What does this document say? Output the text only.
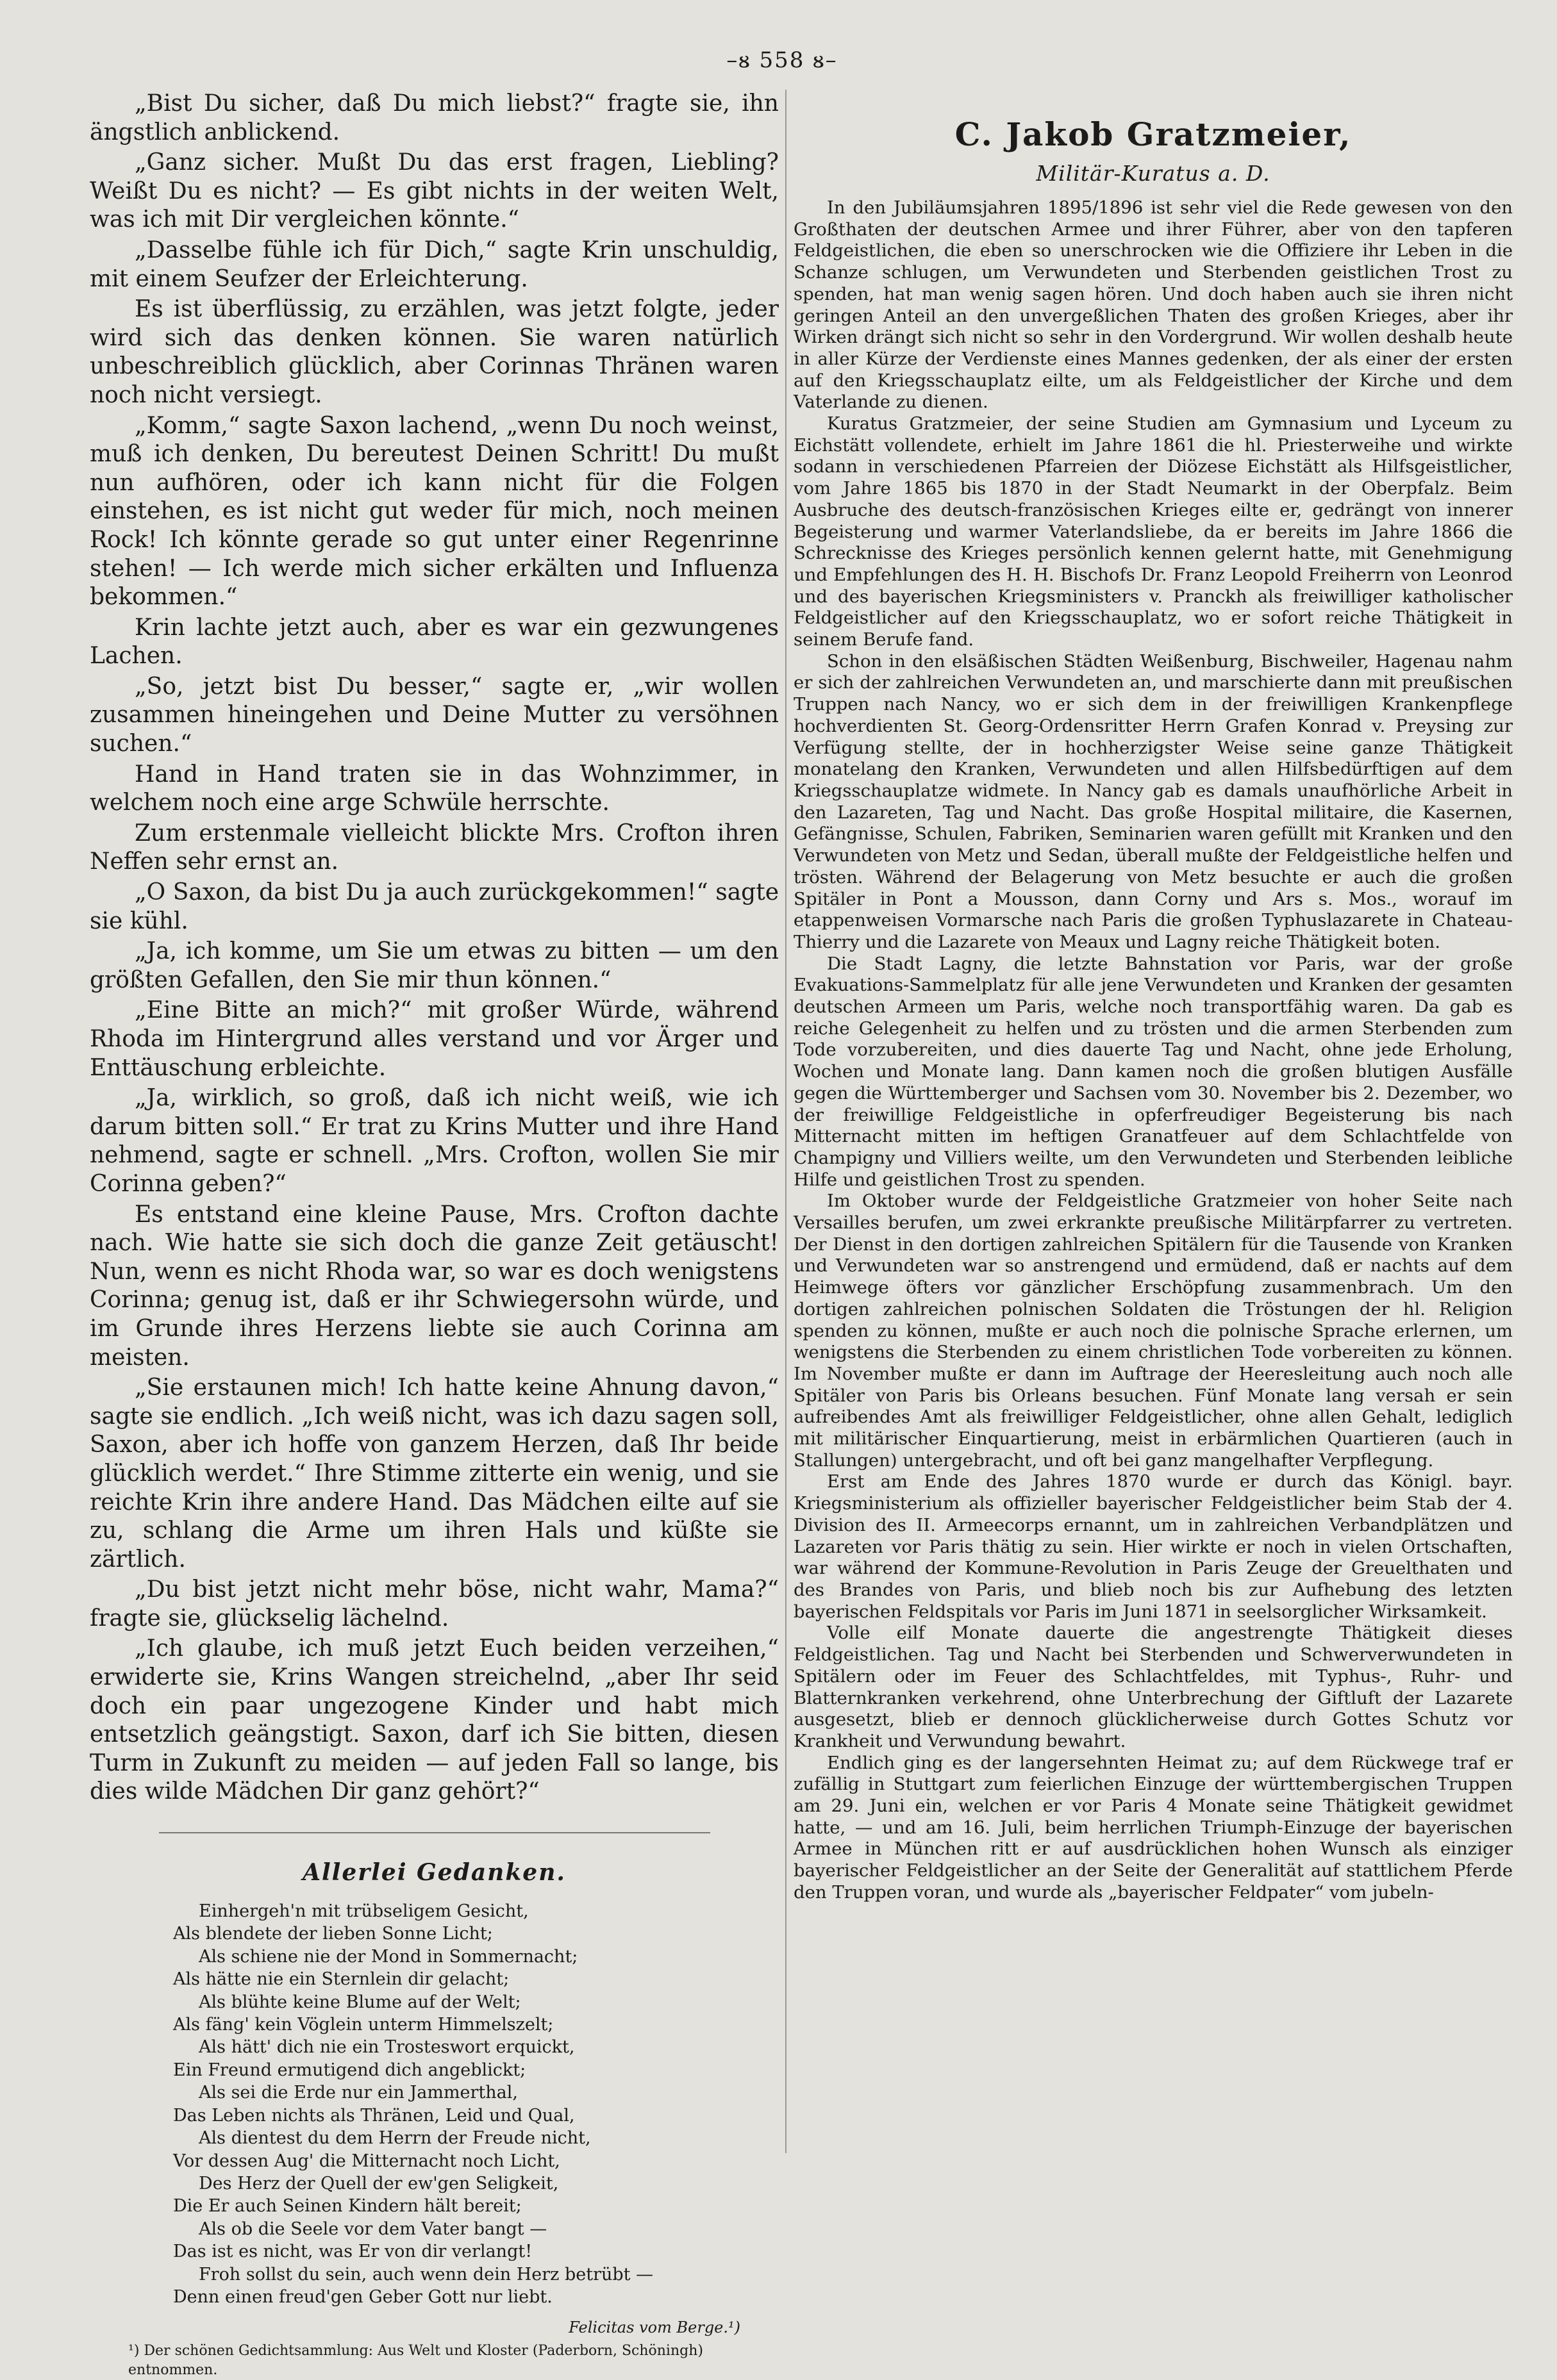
–ᴕ 558 ᴕ–

„Bist Du sicher, daß Du mich liebst?“ fragte sie, ihn ängstlich anblickend.

„Ganz sicher. Mußt Du das erst fragen, Liebling? Weißt Du es nicht? — Es gibt nichts in der weiten Welt, was ich mit Dir vergleichen könnte.“

„Dasselbe fühle ich für Dich,“ sagte Krin unschuldig, mit einem Seufzer der Erleichterung.

Es ist überflüssig, zu erzählen, was jetzt folgte, jeder wird sich das denken können. Sie waren natürlich unbeschreiblich glücklich, aber Corinnas Thränen waren noch nicht versiegt.

„Komm,“ sagte Saxon lachend, „wenn Du noch weinst, muß ich denken, Du bereutest Deinen Schritt! Du mußt nun aufhören, oder ich kann nicht für die Folgen einstehen, es ist nicht gut weder für mich, noch meinen Rock! Ich könnte gerade so gut unter einer Regenrinne stehen! — Ich werde mich sicher erkälten und Influenza bekommen.“

Krin lachte jetzt auch, aber es war ein gezwungenes Lachen.

„So, jetzt bist Du besser,“ sagte er, „wir wollen zusammen hineingehen und Deine Mutter zu versöhnen suchen.“

Hand in Hand traten sie in das Wohnzimmer, in welchem noch eine arge Schwüle herrschte.

Zum erstenmale vielleicht blickte Mrs. Crofton ihren Neffen sehr ernst an.

„O Saxon, da bist Du ja auch zurückgekommen!“ sagte sie kühl.

„Ja, ich komme, um Sie um etwas zu bitten — um den größten Gefallen, den Sie mir thun können.“

„Eine Bitte an mich?“ mit großer Würde, während Rhoda im Hintergrund alles verstand und vor Ärger und Enttäuschung erbleichte.

„Ja, wirklich, so groß, daß ich nicht weiß, wie ich darum bitten soll.“ Er trat zu Krins Mutter und ihre Hand nehmend, sagte er schnell. „Mrs. Crofton, wollen Sie mir Corinna geben?“

Es entstand eine kleine Pause, Mrs. Crofton dachte nach. Wie hatte sie sich doch die ganze Zeit getäuscht! Nun, wenn es nicht Rhoda war, so war es doch wenigstens Corinna; genug ist, daß er ihr Schwiegersohn würde, und im Grunde ihres Herzens liebte sie auch Corinna am meisten.

„Sie erstaunen mich! Ich hatte keine Ahnung davon,“ sagte sie endlich. „Ich weiß nicht, was ich dazu sagen soll, Saxon, aber ich hoffe von ganzem Herzen, daß Ihr beide glücklich werdet.“ Ihre Stimme zitterte ein wenig, und sie reichte Krin ihre andere Hand. Das Mädchen eilte auf sie zu, schlang die Arme um ihren Hals und küßte sie zärtlich.

„Du bist jetzt nicht mehr böse, nicht wahr, Mama?“ fragte sie, glückselig lächelnd.

„Ich glaube, ich muß jetzt Euch beiden verzeihen,“ erwiderte sie, Krins Wangen streichelnd, „aber Ihr seid doch ein paar ungezogene Kinder und habt mich entsetzlich geängstigt. Saxon, darf ich Sie bitten, diesen Turm in Zukunft zu meiden — auf jeden Fall so lange, bis dies wilde Mädchen Dir ganz gehört?“

Allerlei Gedanken.
Einhergeh'n mit trübseligem Gesicht,
Als blendete der lieben Sonne Licht;
Als schiene nie der Mond in Sommernacht;
Als hätte nie ein Sternlein dir gelacht;
Als blühte keine Blume auf der Welt;
Als fäng' kein Vöglein unterm Himmelszelt;
Als hätt' dich nie ein Trosteswort erquickt,
Ein Freund ermutigend dich angeblickt;
Als sei die Erde nur ein Jammerthal,
Das Leben nichts als Thränen, Leid und Qual,
Als dientest du dem Herrn der Freude nicht,
Vor dessen Aug' die Mitternacht noch Licht,
Des Herz der Quell der ew'gen Seligkeit,
Die Er auch Seinen Kindern hält bereit;
Als ob die Seele vor dem Vater bangt —
Das ist es nicht, was Er von dir verlangt!
Froh sollst du sein, auch wenn dein Herz betrübt —
Denn einen freud'gen Geber Gott nur liebt.
Felicitas vom Berge.¹)
¹) Der schönen Gedichtsammlung: Aus Welt und Kloster (Paderborn, Schöningh) entnommen.
C. Jakob Gratzmeier,
Militär-Kuratus a. D.

In den Jubiläumsjahren 1895/1896 ist sehr viel die Rede gewesen von den Großthaten der deutschen Armee und ihrer Führer, aber von den tapferen Feldgeistlichen, die eben so unerschrocken wie die Offiziere ihr Leben in die Schanze schlugen, um Verwundeten und Sterbenden geistlichen Trost zu spenden, hat man wenig sagen hören. Und doch haben auch sie ihren nicht geringen Anteil an den unvergeßlichen Thaten des großen Krieges, aber ihr Wirken drängt sich nicht so sehr in den Vordergrund. Wir wollen deshalb heute in aller Kürze der Verdienste eines Mannes gedenken, der als einer der ersten auf den Kriegsschauplatz eilte, um als Feldgeistlicher der Kirche und dem Vaterlande zu dienen.

Kuratus Gratzmeier, der seine Studien am Gymnasium und Lyceum zu Eichstätt vollendete, erhielt im Jahre 1861 die hl. Priesterweihe und wirkte sodann in verschiedenen Pfarreien der Diözese Eichstätt als Hilfsgeistlicher, vom Jahre 1865 bis 1870 in der Stadt Neumarkt in der Oberpfalz. Beim Ausbruche des deutsch-französischen Krieges eilte er, gedrängt von innerer Begeisterung und warmer Vaterlandsliebe, da er bereits im Jahre 1866 die Schrecknisse des Krieges persönlich kennen gelernt hatte, mit Genehmigung und Empfehlungen des H. H. Bischofs Dr. Franz Leopold Freiherrn von Leonrod und des bayerischen Kriegsministers v. Pranckh als freiwilliger katholischer Feldgeistlicher auf den Kriegsschauplatz, wo er sofort reiche Thätigkeit in seinem Berufe fand.

Schon in den elsäßischen Städten Weißenburg, Bischweiler, Hagenau nahm er sich der zahlreichen Verwundeten an, und marschierte dann mit preußischen Truppen nach Nancy, wo er sich dem in der freiwilligen Krankenpflege hochverdienten St. Georg-Ordensritter Herrn Grafen Konrad v. Preysing zur Verfügung stellte, der in hochherzigster Weise seine ganze Thätigkeit monatelang den Kranken, Verwundeten und allen Hilfsbedürftigen auf dem Kriegsschauplatze widmete. In Nancy gab es damals unaufhörliche Arbeit in den Lazareten, Tag und Nacht. Das große Hospital militaire, die Kasernen, Gefängnisse, Schulen, Fabriken, Seminarien waren gefüllt mit Kranken und den Verwundeten von Metz und Sedan, überall mußte der Feldgeistliche helfen und trösten. Während der Belagerung von Metz besuchte er auch die großen Spitäler in Pont a Mousson, dann Corny und Ars s. Mos., worauf im etappenweisen Vormarsche nach Paris die großen Typhuslazarete in Chateau-Thierry und die Lazarete von Meaux und Lagny reiche Thätigkeit boten.

Die Stadt Lagny, die letzte Bahnstation vor Paris, war der große Evakuations-Sammelplatz für alle jene Verwundeten und Kranken der gesamten deutschen Armeen um Paris, welche noch transportfähig waren. Da gab es reiche Gelegenheit zu helfen und zu trösten und die armen Sterbenden zum Tode vorzubereiten, und dies dauerte Tag und Nacht, ohne jede Erholung, Wochen und Monate lang. Dann kamen noch die großen blutigen Ausfälle gegen die Württemberger und Sachsen vom 30. November bis 2. Dezember, wo der freiwillige Feldgeistliche in opferfreudiger Begeisterung bis nach Mitternacht mitten im heftigen Granatfeuer auf dem Schlachtfelde von Champigny und Villiers weilte, um den Verwundeten und Sterbenden leibliche Hilfe und geistlichen Trost zu spenden.

Im Oktober wurde der Feldgeistliche Gratzmeier von hoher Seite nach Versailles berufen, um zwei erkrankte preußische Militärpfarrer zu vertreten. Der Dienst in den dortigen zahlreichen Spitälern für die Tausende von Kranken und Verwundeten war so anstrengend und ermüdend, daß er nachts auf dem Heimwege öfters vor gänzlicher Erschöpfung zusammenbrach. Um den dortigen zahlreichen polnischen Soldaten die Tröstungen der hl. Religion spenden zu können, mußte er auch noch die polnische Sprache erlernen, um wenigstens die Sterbenden zu einem christlichen Tode vorbereiten zu können. Im November mußte er dann im Auftrage der Heeresleitung auch noch alle Spitäler von Paris bis Orleans besuchen. Fünf Monate lang versah er sein aufreibendes Amt als freiwilliger Feldgeistlicher, ohne allen Gehalt, lediglich mit militärischer Einquartierung, meist in erbärmlichen Quartieren (auch in Stallungen) untergebracht, und oft bei ganz mangelhafter Verpflegung.

Erst am Ende des Jahres 1870 wurde er durch das Königl. bayr. Kriegsministerium als offizieller bayerischer Feldgeistlicher beim Stab der 4. Division des II. Armeecorps ernannt, um in zahlreichen Verbandplätzen und Lazareten vor Paris thätig zu sein. Hier wirkte er noch in vielen Ortschaften, war während der Kommune-Revolution in Paris Zeuge der Greuelthaten und des Brandes von Paris, und blieb noch bis zur Aufhebung des letzten bayerischen Feldspitals vor Paris im Juni 1871 in seelsorglicher Wirksamkeit.

Volle eilf Monate dauerte die angestrengte Thätigkeit dieses Feldgeistlichen. Tag und Nacht bei Sterbenden und Schwerverwundeten in Spitälern oder im Feuer des Schlachtfeldes, mit Typhus-, Ruhr- und Blatternkranken verkehrend, ohne Unterbrechung der Giftluft der Lazarete ausgesetzt, blieb er dennoch glücklicherweise durch Gottes Schutz vor Krankheit und Verwundung bewahrt.

Endlich ging es der langersehnten Heimat zu; auf dem Rückwege traf er zufällig in Stuttgart zum feierlichen Einzuge der württembergischen Truppen am 29. Juni ein, welchen er vor Paris 4 Monate seine Thätigkeit gewidmet hatte, — und am 16. Juli, beim herrlichen Triumph-Einzuge der bayerischen Armee in München ritt er auf ausdrücklichen hohen Wunsch als einziger bayerischer Feldgeistlicher an der Seite der Generalität auf stattlichem Pferde den Truppen voran, und wurde als „bayerischer Feldpater“ vom jubeln-
